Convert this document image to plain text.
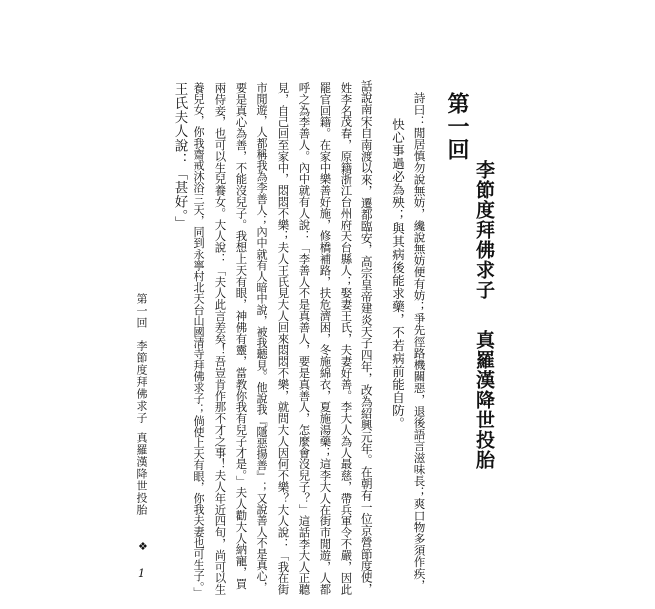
第一回
李節度拜佛求子
真羅漢降世投胎
詩曰：閒居慎勿說無妨，纔說無妨便有妨；爭先徑路機關惡，退後語言滋味長；爽口物多須作疾，
快心事過必為殃；與其病後能求藥，不若病前能自防。
話說南宋自南渡以來，遷都臨安，高宗皇帝建炎天子四年，改為紹興元年。在朝有一位京營節度使，
姓李名茂春，原籍浙江台州府天台縣人；娶妻王氏，夫妻好善。李大人為人最慈，帶兵軍令不嚴，因此
罷官回籍。在家中樂善好施，修橋補路，扶危濟困，冬施綿衣，夏施湯藥；這李大人在街市閒遊，人都
呼之為李善人。內中就有人說：「李善人不是真善人，要是真善人，怎麼會沒兒子？」這話李大人正聽
見，自己回至家中，悶悶不樂；夫人王氏見大人回來悶悶不樂，就問大人因何不樂？大人說：「我在街
市閒遊，人都稱我為李善人；內中就有人暗中說，被我聽見。他說我『隱惡揚善』；又說善人不是真心，
要是真心為善，不能沒兒子。我想上天有眼，神佛有靈，當教你我有兒子才是。」夫人勸大人納寵，買
兩侍妾，也可以生兒養女。大人說：「夫人此言差矣！吾豈肯作那不才之事！夫人年近四旬，尚可以生
養兒女，你我齋戒沐浴三天，同到永寧村北天台山國清寺拜佛求子；倘使上天有眼，你我夫妻也可生子。」
王氏夫人說：「甚好。」
第一回
李節度拜佛求子
真羅漢降世投胎
❖
1
